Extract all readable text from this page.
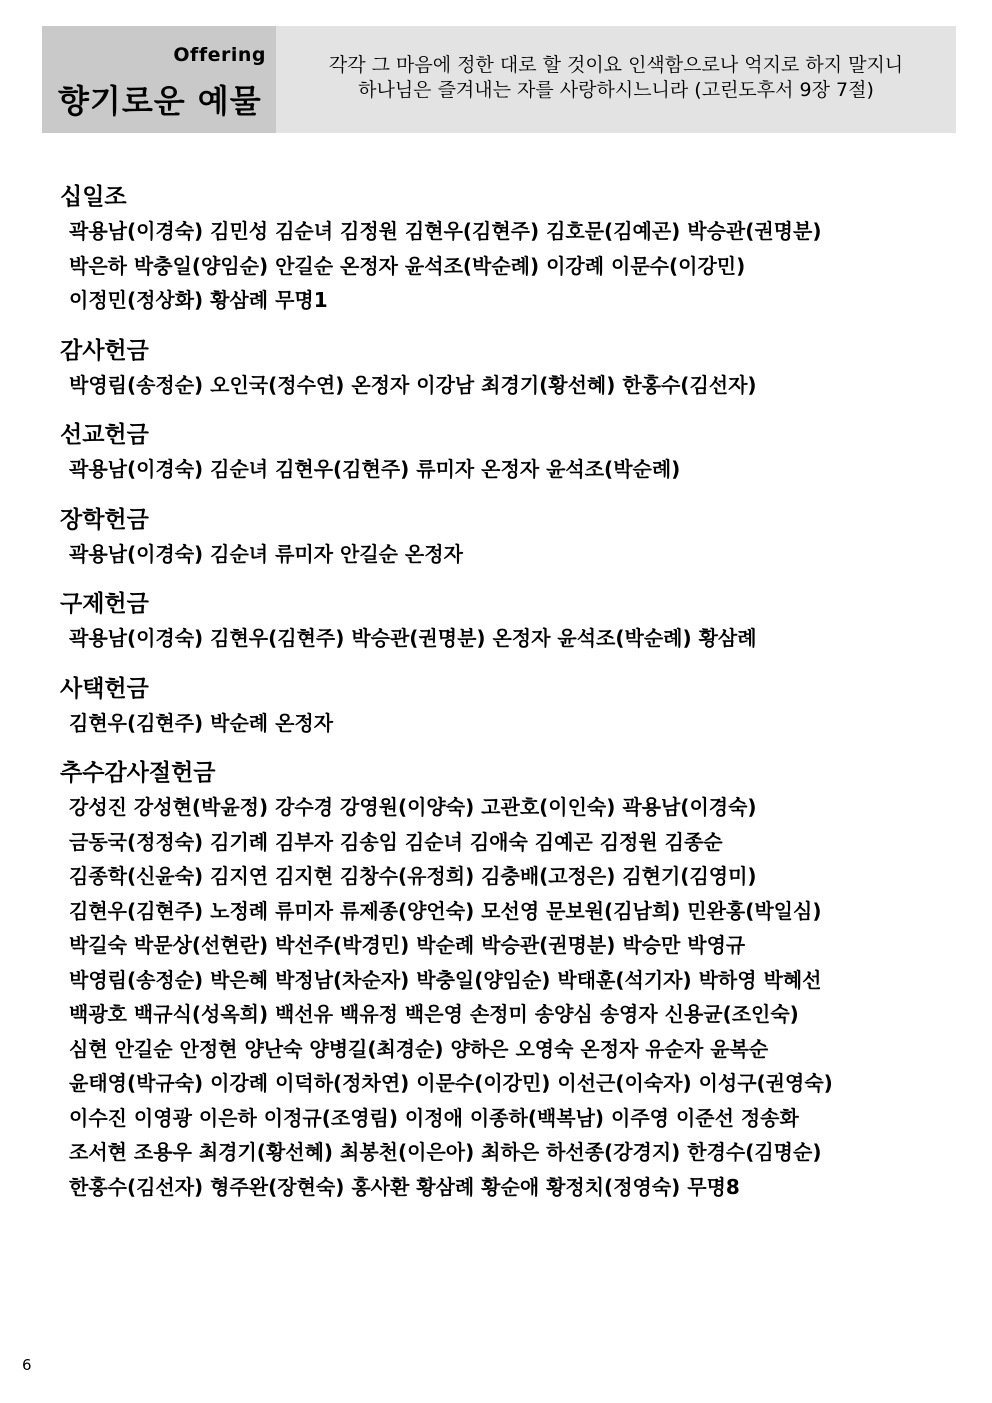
Offering
향기로운 예물
각각 그 마음에 정한 대로 할 것이요 인색함으로나 억지로 하지 말지니
하나님은 즐겨내는 자를 사랑하시느니라 (고린도후서 9장 7절)
십일조
곽용남(이경숙) 김민성 김순녀 김정원 김현우(김현주) 김호문(김예곤) 박승관(권명분)
박은하 박충일(양임순) 안길순 온정자 윤석조(박순례) 이강례 이문수(이강민)
이정민(정상화) 황삼례 무명1
감사헌금
박영림(송정순) 오인국(정수연) 온정자 이강남 최경기(황선혜) 한홍수(김선자)
선교헌금
곽용남(이경숙) 김순녀 김현우(김현주) 류미자 온정자 윤석조(박순례)
장학헌금
곽용남(이경숙) 김순녀 류미자 안길순 온정자
구제헌금
곽용남(이경숙) 김현우(김현주) 박승관(권명분) 온정자 윤석조(박순례) 황삼례
사택헌금
김현우(김현주) 박순례 온정자
추수감사절헌금
강성진 강성현(박윤정) 강수경 강영원(이양숙) 고관호(이인숙) 곽용남(이경숙)
금동국(정정숙) 김기례 김부자 김송임 김순녀 김애숙 김예곤 김정원 김종순
김종학(신윤숙) 김지연 김지현 김창수(유정희) 김충배(고정은) 김현기(김영미)
김현우(김현주) 노정례 류미자 류제종(양언숙) 모선영 문보원(김남희) 민완홍(박일심)
박길숙 박문상(선현란) 박선주(박경민) 박순례 박승관(권명분) 박승만 박영규
박영림(송정순) 박은혜 박정남(차순자) 박충일(양임순) 박태훈(석기자) 박하영 박혜선
백광호 백규식(성옥희) 백선유 백유정 백은영 손정미 송양심 송영자 신용균(조인숙)
심현 안길순 안정현 양난숙 양병길(최경순) 양하은 오영숙 온정자 유순자 윤복순
윤태영(박규숙) 이강례 이덕하(정차연) 이문수(이강민) 이선근(이숙자) 이성구(권영숙)
이수진 이영광 이은하 이정규(조영림) 이정애 이종하(백복남) 이주영 이준선 정송화
조서현 조용우 최경기(황선혜) 최봉천(이은아) 최하은 하선종(강경지) 한경수(김명순)
한홍수(김선자) 형주완(장현숙) 홍사환 황삼례 황순애 황정치(정영숙) 무명8
6
